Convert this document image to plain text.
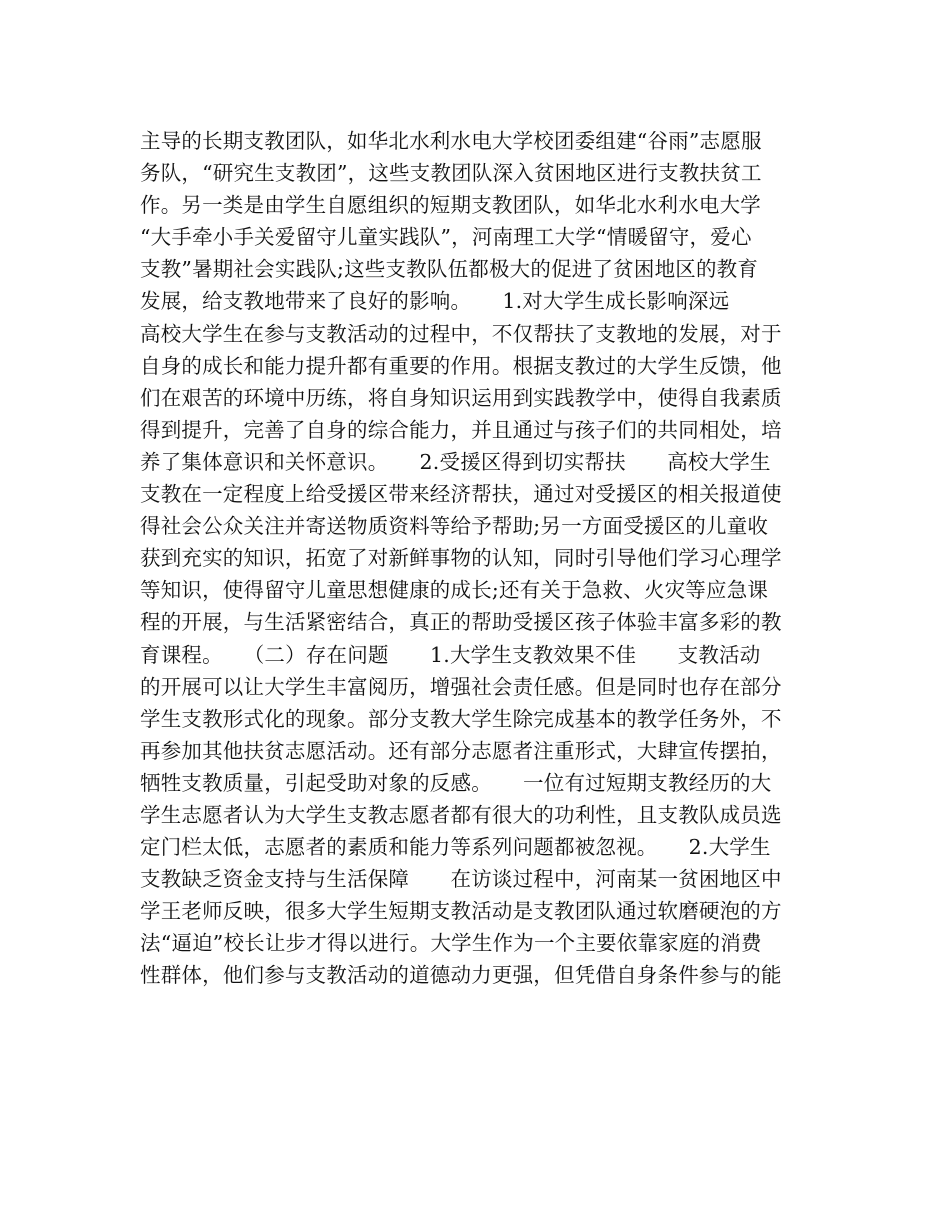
主导的长期支教团队，如华北水利水电大学校团委组建“谷雨”志愿服
务队，“研究生支教团”，这些支教团队深入贫困地区进行支教扶贫工
作。另一类是由学生自愿组织的短期支教团队，如华北水利水电大学
“大手牵小手关爱留守儿童实践队”，河南理工大学“情暖留守，爱心
支教”暑期社会实践队;这些支教队伍都极大的促进了贫困地区的教育
发展，给支教地带来了良好的影响。　　1.对大学生成长影响深远
高校大学生在参与支教活动的过程中，不仅帮扶了支教地的发展，对于
自身的成长和能力提升都有重要的作用。根据支教过的大学生反馈，他
们在艰苦的环境中历练，将自身知识运用到实践教学中，使得自我素质
得到提升，完善了自身的综合能力，并且通过与孩子们的共同相处，培
养了集体意识和关怀意识。　　2.受援区得到切实帮扶　　高校大学生
支教在一定程度上给受援区带来经济帮扶，通过对受援区的相关报道使
得社会公众关注并寄送物质资料等给予帮助;另一方面受援区的儿童收
获到充实的知识，拓宽了对新鲜事物的认知，同时引导他们学习心理学
等知识，使得留守儿童思想健康的成长;还有关于急救、火灾等应急课
程的开展，与生活紧密结合，真正的帮助受援区孩子体验丰富多彩的教
育课程。　　（二）存在问题　　1.大学生支教效果不佳　　支教活动
的开展可以让大学生丰富阅历，增强社会责任感。但是同时也存在部分
学生支教形式化的现象。部分支教大学生除完成基本的教学任务外，不
再参加其他扶贫志愿活动。还有部分志愿者注重形式，大肆宣传摆拍，
牺牲支教质量，引起受助对象的反感。　　一位有过短期支教经历的大
学生志愿者认为大学生支教志愿者都有很大的功利性，且支教队成员选
定门栏太低，志愿者的素质和能力等系列问题都被忽视。　　2.大学生
支教缺乏资金支持与生活保障　　在访谈过程中，河南某一贫困地区中
学王老师反映，很多大学生短期支教活动是支教团队通过软磨硬泡的方
法“逼迫”校长让步才得以进行。大学生作为一个主要依靠家庭的消费
性群体，他们参与支教活动的道德动力更强，但凭借自身条件参与的能
